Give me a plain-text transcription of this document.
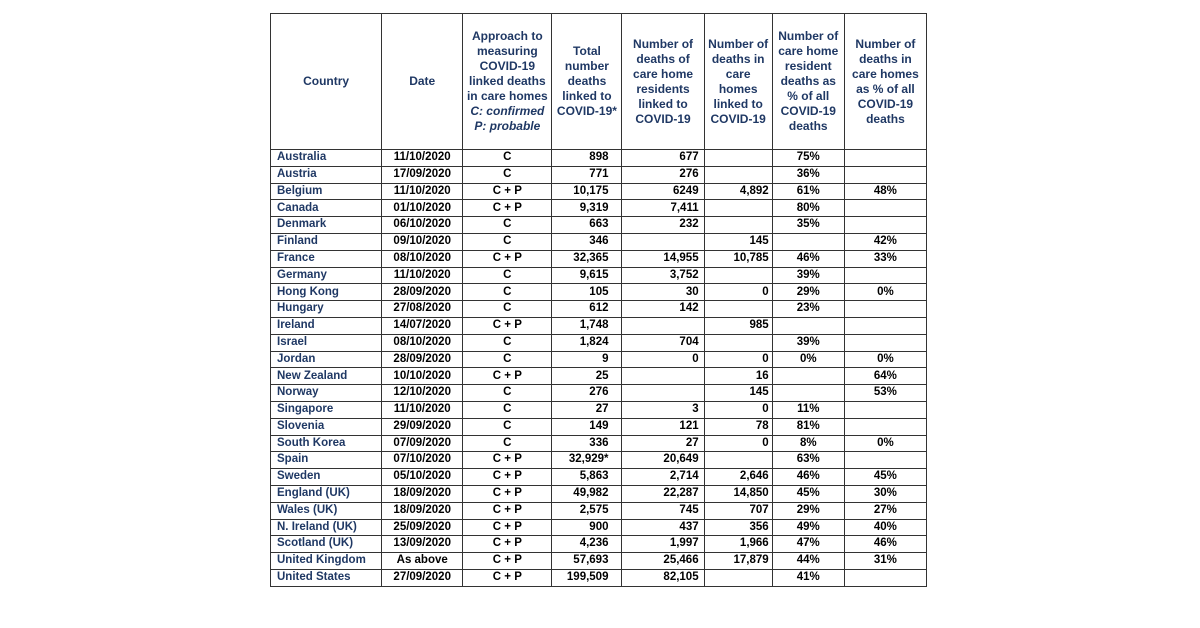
Country	Date	Approach to measuring COVID-19 linked deaths in care homes
C: confirmed
P: probable	Total number deaths linked to COVID-19*	Number of deaths of care home residents linked to COVID-19	Number of deaths in care homes linked to COVID-19	Number of care home resident deaths as % of all COVID-19 deaths	Number of deaths in care homes as % of all COVID-19 deaths
Australia	11/10/2020	C	898	677		75%	
Austria	17/09/2020	C	771	276		36%	
Belgium	11/10/2020	C + P	10,175	6249	4,892	61%	48%
Canada	01/10/2020	C + P	9,319	7,411		80%	
Denmark	06/10/2020	C	663	232		35%	
Finland	09/10/2020	C	346		145		42%
France	08/10/2020	C + P	32,365	14,955	10,785	46%	33%
Germany	11/10/2020	C	9,615	3,752		39%	
Hong Kong	28/09/2020	C	105	30	0	29%	0%
Hungary	27/08/2020	C	612	142		23%	
Ireland	14/07/2020	C + P	1,748		985		
Israel	08/10/2020	C	1,824	704		39%	
Jordan	28/09/2020	C	9	0	0	0%	0%
New Zealand	10/10/2020	C + P	25		16		64%
Norway	12/10/2020	C	276		145		53%
Singapore	11/10/2020	C	27	3	0	11%	
Slovenia	29/09/2020	C	149	121	78	81%	
South Korea	07/09/2020	C	336	27	0	8%	0%
Spain	07/10/2020	C + P	32,929*	20,649		63%	
Sweden	05/10/2020	C + P	5,863	2,714	2,646	46%	45%
England (UK)	18/09/2020	C + P	49,982	22,287	14,850	45%	30%
Wales (UK)	18/09/2020	C + P	2,575	745	707	29%	27%
N. Ireland (UK)	25/09/2020	C + P	900	437	356	49%	40%
Scotland (UK)	13/09/2020	C + P	4,236	1,997	1,966	47%	46%
United Kingdom	As above	C + P	57,693	25,466	17,879	44%	31%
United States	27/09/2020	C + P	199,509	82,105		41%	
